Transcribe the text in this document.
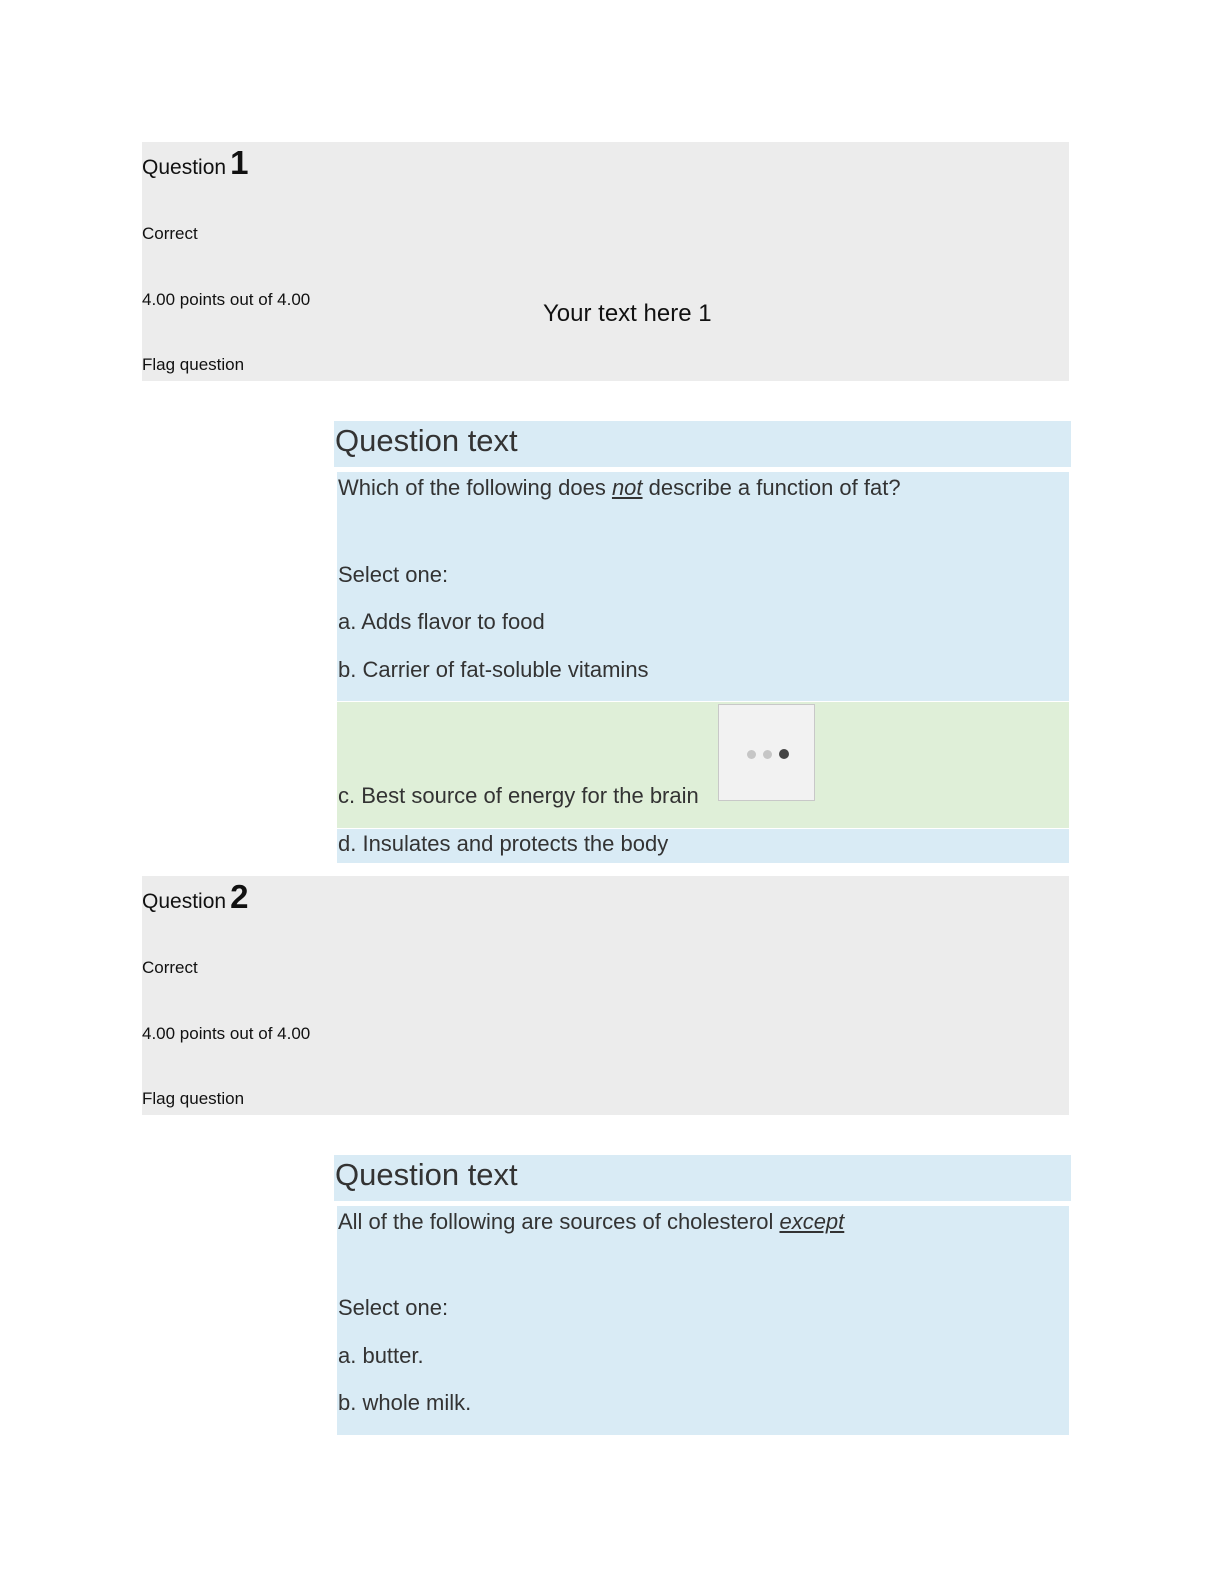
Question 1
Correct
4.00 points out of 4.00
Flag question
Your text here 1
Question text
Which of the following does not describe a function of fat?
Select one:
a. Adds flavor to food
b. Carrier of fat-soluble vitamins
c. Best source of energy for the brain
d. Insulates and protects the body
Question 2
Correct
4.00 points out of 4.00
Flag question
Question text
All of the following are sources of cholesterol except
Select one:
a. butter.
b. whole milk.
